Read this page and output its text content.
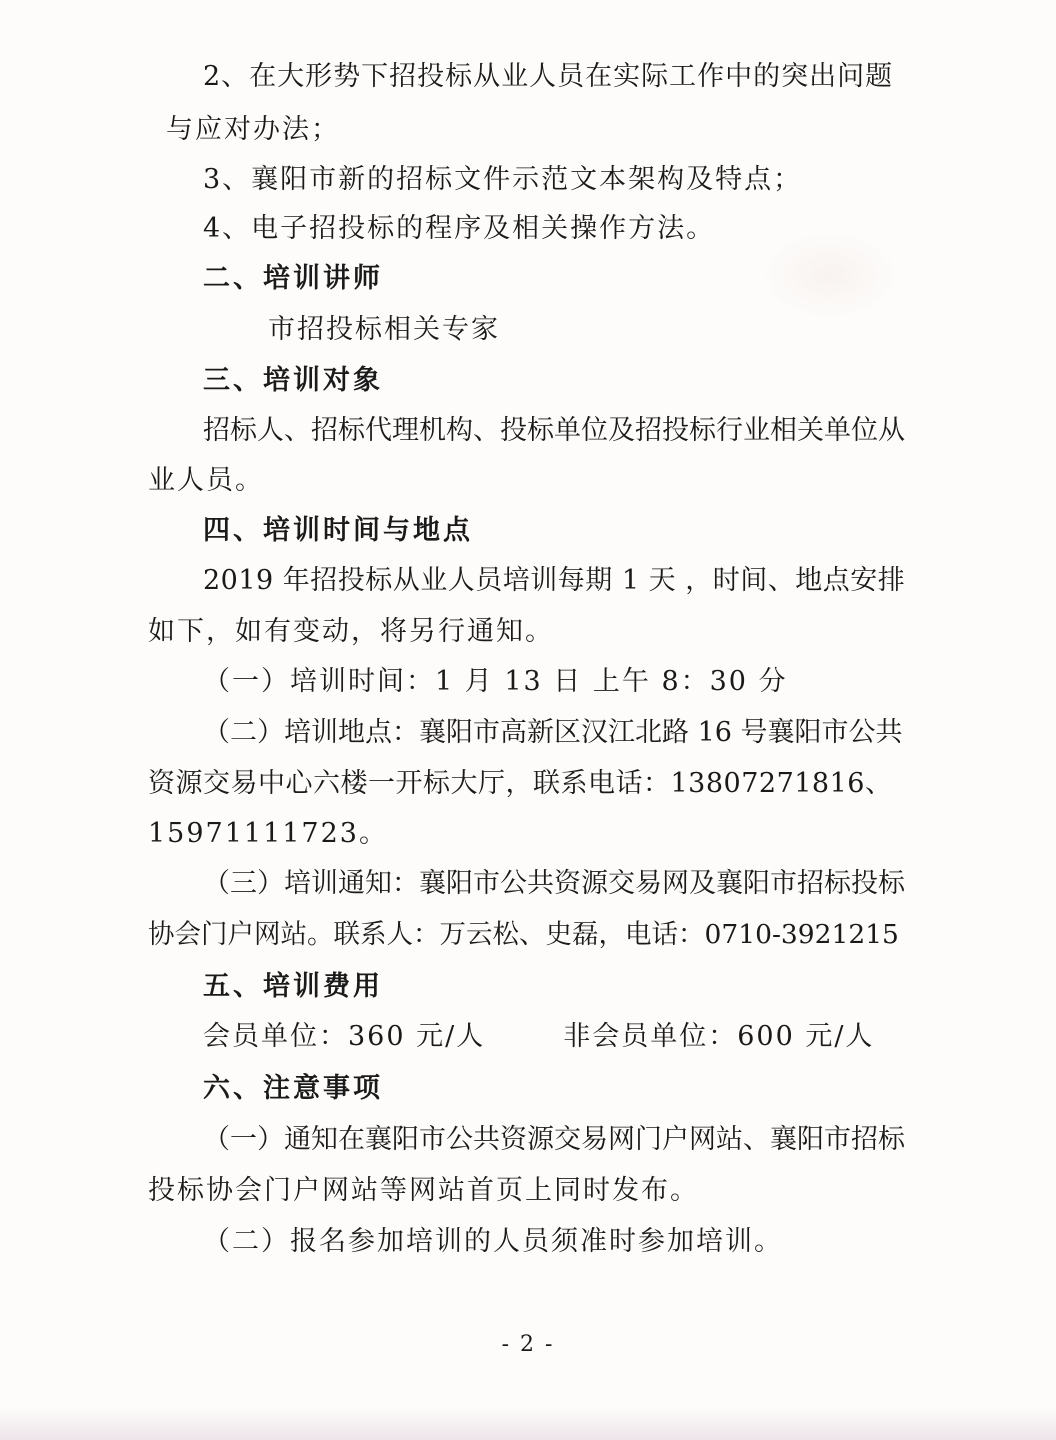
2、在大形势下招投标从业人员在实际工作中的突出问题
与应对办法；
3、襄阳市新的招标文件示范文本架构及特点；
4、电子招投标的程序及相关操作方法。
二、培训讲师
市招投标相关专家
三、培训对象
招标人、招标代理机构、投标单位及招投标行业相关单位从
业人员。
四、培训时间与地点
2019 年招投标从业人员培训每期 1 天 ，时间、地点安排
如下，如有变动，将另行通知。
（一）培训时间：1 月 13 日 上午 8：30 分
（二）培训地点：襄阳市高新区汉江北路 16 号襄阳市公共
资源交易中心六楼一开标大厅，联系电话：13807271816、
15971111723。
（三）培训通知：襄阳市公共资源交易网及襄阳市招标投标
协会门户网站。联系人：万云松、史磊，电话：0710-3921215
五、培训费用
会员单位：360 元/人	非会员单位：600 元/人
六、注意事项
（一）通知在襄阳市公共资源交易网门户网站、襄阳市招标
投标协会门户网站等网站首页上同时发布。
（二）报名参加培训的人员须准时参加培训。
- 2 -
